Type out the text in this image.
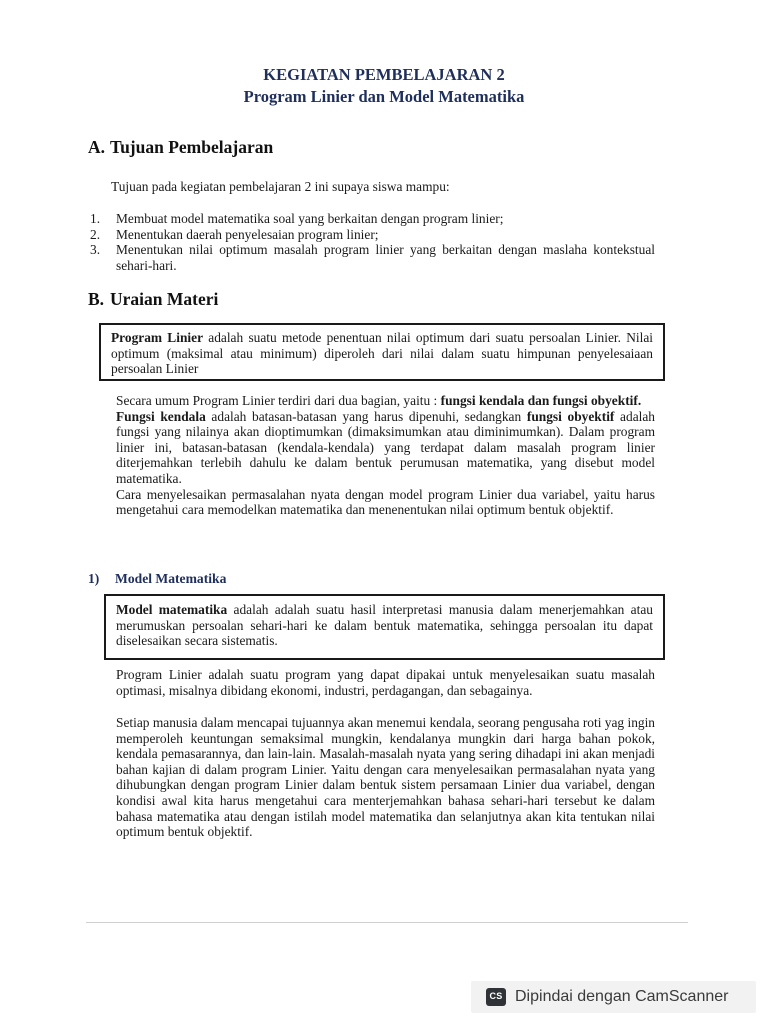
KEGIATAN PEMBELAJARAN 2
Program Linier dan Model Matematika
A. Tujuan Pembelajaran
Tujuan pada kegiatan pembelajaran 2 ini supaya siswa mampu:
1. Membuat model matematika soal yang berkaitan dengan program linier;
2. Menentukan daerah penyelesaian program linier;
3. Menentukan nilai optimum masalah program linier yang berkaitan dengan maslaha kontekstual sehari-hari.
B. Uraian Materi
Program Linier adalah suatu metode penentuan nilai optimum dari suatu persoalan Linier. Nilai optimum (maksimal atau minimum) diperoleh dari nilai dalam suatu himpunan penyelesaiaan persoalan Linier
Secara umum Program Linier terdiri dari dua bagian, yaitu : fungsi kendala dan fungsi obyektif.
Fungsi kendala adalah batasan-batasan yang harus dipenuhi, sedangkan fungsi obyektif adalah fungsi yang nilainya akan dioptimumkan (dimaksimumkan atau diminimumkan). Dalam program linier ini, batasan-batasan (kendala-kendala) yang terdapat dalam masalah program linier diterjemahkan terlebih dahulu ke dalam bentuk perumusan matematika, yang disebut model matematika.
Cara menyelesaikan permasalahan nyata dengan model program Linier dua variabel, yaitu harus mengetahui cara memodelkan matematika dan menenentukan nilai optimum bentuk objektif.
1) Model Matematika
Model matematika adalah adalah suatu hasil interpretasi manusia dalam menerjemahkan atau merumuskan persoalan sehari-hari ke dalam bentuk matematika, sehingga persoalan itu dapat diselesaikan secara sistematis.
Program Linier adalah suatu program yang dapat dipakai untuk menyelesaikan suatu masalah optimasi, misalnya dibidang ekonomi, industri, perdagangan, dan sebagainya.
Setiap manusia dalam mencapai tujuannya akan menemui kendala, seorang pengusaha roti yag ingin memperoleh keuntungan semaksimal mungkin, kendalanya mungkin dari harga bahan pokok, kendala pemasarannya, dan lain-lain. Masalah-masalah nyata yang sering dihadapi ini akan menjadi bahan kajian di dalam program Linier. Yaitu dengan cara menyelesaikan permasalahan nyata yang dihubungkan dengan program Linier dalam bentuk sistem persamaan Linier dua variabel, dengan kondisi awal kita harus mengetahui cara menterjemahkan bahasa sehari-hari tersebut ke dalam bahasa matematika atau dengan istilah model matematika dan selanjutnya akan kita tentukan nilai optimum bentuk objektif.
CS Dipindai dengan CamScanner
